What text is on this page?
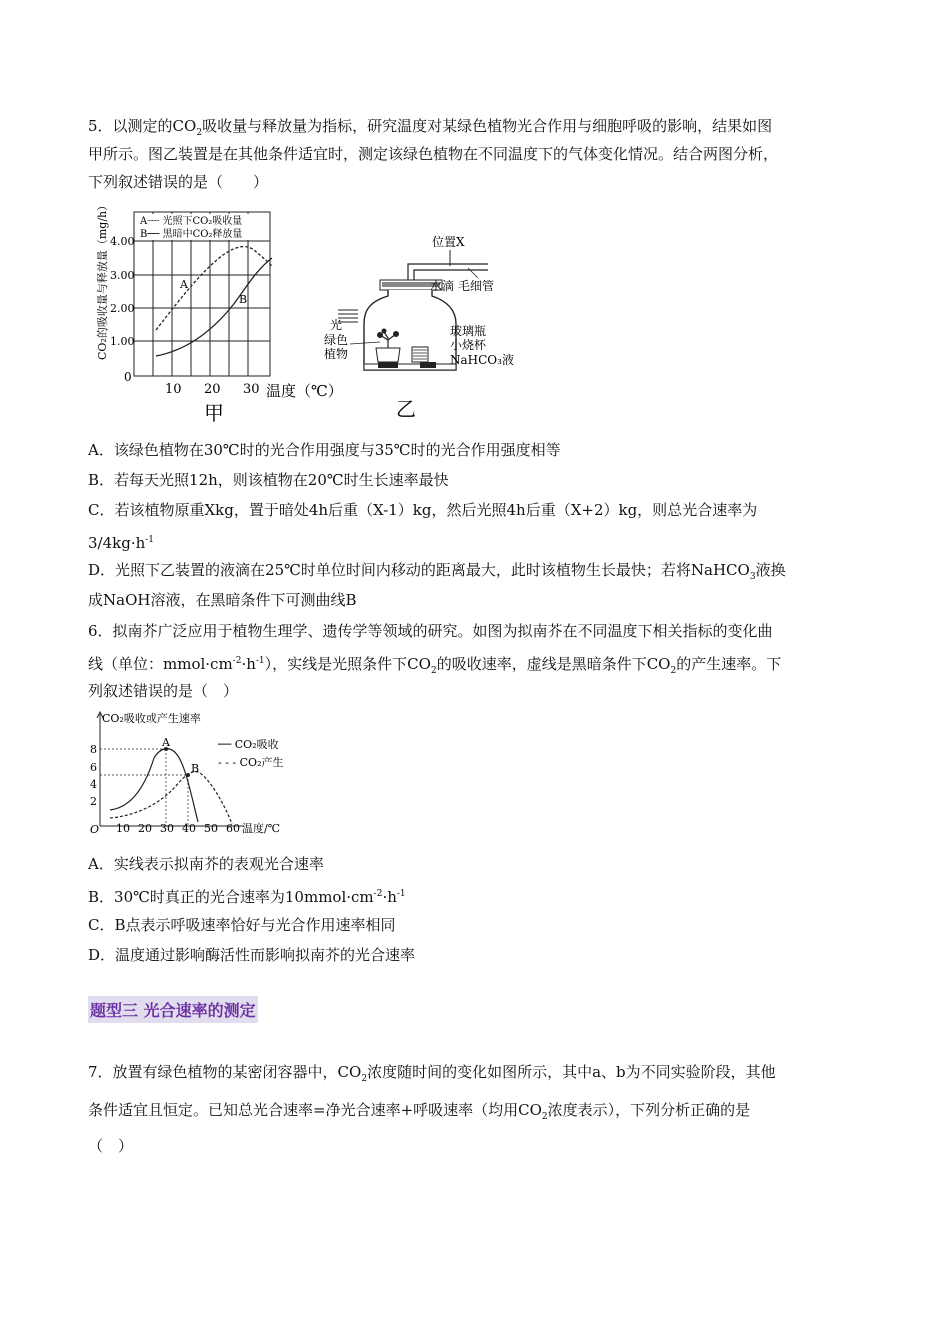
5．以测定的$CO_2$吸收量与释放量为指标，研究温度对某绿色植物光合作用与细胞呼吸的影响，结果如图

甲所示。图乙装置是在其他条件适宜时，测定该绿色植物在不同温度下的气体变化情况。结合两图分析，

下列叙述错误的是（　　）

CO₂的吸收量与释放量（mg/h） 4.00
3.00
2.00
1.00
0
10 20 30 温度（℃）
A┈┈ 光照下CO₂吸收量
B── 黑暗中CO₂释放量
A
B
甲
位置X
光
绿色
植物
水滴 毛细管
玻璃瓶
小烧杯
NaHCO₃液
乙

A．该绿色植物在30℃时的光合作用强度与35℃时的光合作用强度相等

B．若每天光照12h，则该植物在20℃时生长速率最快

C．若该植物原重Xkg，置于暗处4h后重（X-1）kg，然后光照4h后重（X+2）kg，则总光合速率为

$3/4kg\cdot h^{-1}$

D．光照下乙装置的液滴在25℃时单位时间内移动的距离最大，此时该植物生长最快；若将NaHCO$_3$液换

成NaOH溶液，在黑暗条件下可测曲线B

6．拟南芥广泛应用于植物生理学、遗传学等领域的研究。如图为拟南芥在不同温度下相关指标的变化曲

线（单位：$mmol\cdot cm^{-2}\cdot h^{-1}$），实线是光照条件下$CO_2$的吸收速率，虚线是黑暗条件下$CO_2$的产生速率。下

列叙述错误的是（　）

CO₂吸收或产生速率
O
8
6
4
2
10 20 30 40 50 60 温度/℃
A
B
── CO₂吸收
- - - CO₂产生

A．实线表示拟南芥的表观光合速率

B．30℃时真正的光合速率为$10mmol\cdot cm^{-2}\cdot h^{-1}$

C．B点表示呼吸速率恰好与光合作用速率相同

D．温度通过影响酶活性而影响拟南芥的光合速率

题型三 光合速率的测定

7．放置有绿色植物的某密闭容器中，$CO_2$浓度随时间的变化如图所示，其中a、b为不同实验阶段，其他

条件适宜且恒定。已知总光合速率=净光合速率+呼吸速率（均用$CO_2$浓度表示），下列分析正确的是

（　）
